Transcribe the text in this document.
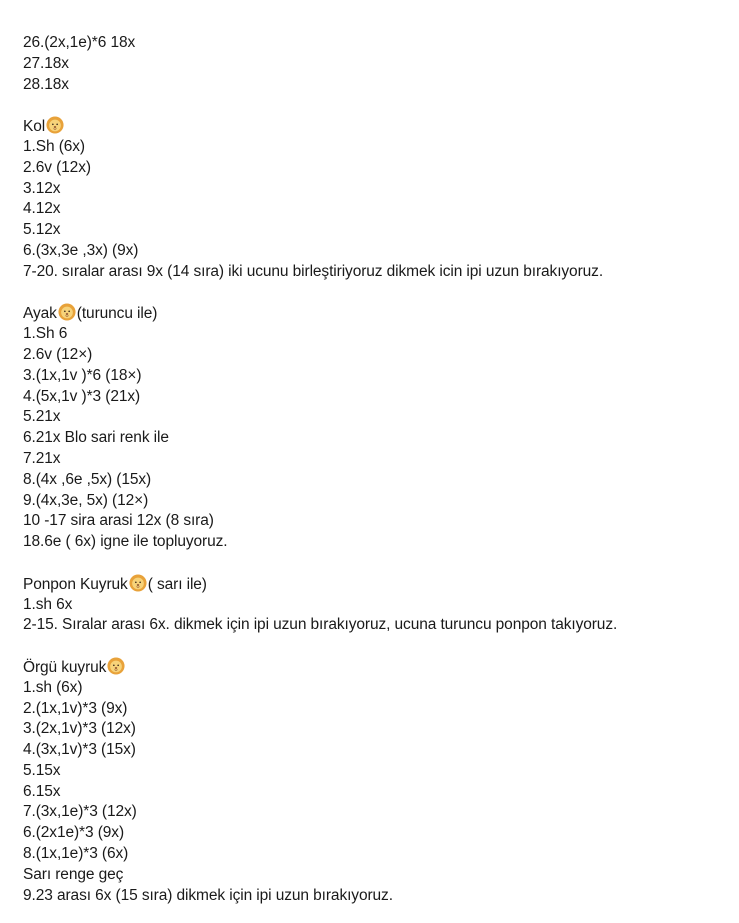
26.(2x,1e)*6 18x
27.18x
28.18x
Kol
1.Sh (6x)
2.6v (12x)
3.12x
4.12x
5.12x
6.(3x,3e ,3x) (9x)
7-20. sıralar arası 9x (14 sıra) iki ucunu birleştiriyoruz dikmek icin ipi uzun bırakıyoruz.
Ayak (turuncu ile)
1.Sh 6
2.6v (12×)
3.(1x,1v )*6 (18×)
4.(5x,1v )*3 (21x)
5.21x
6.21x Blo sari renk ile
7.21x
8.(4x ,6e ,5x) (15x)
9.(4x,3e, 5x) (12×)
10 -17 sira arasi 12x (8 sıra)
18.6e ( 6x) igne ile topluyoruz.
Ponpon Kuyruk ( sarı ile)
1.sh 6x
2-15. Sıralar arası 6x. dikmek için ipi uzun bırakıyoruz, ucuna turuncu ponpon takıyoruz.
Örgü kuyruk
1.sh (6x)
2.(1x,1v)*3 (9x)
3.(2x,1v)*3 (12x)
4.(3x,1v)*3 (15x)
5.15x
6.15x
7.(3x,1e)*3 (12x)
6.(2x1e)*3 (9x)
8.(1x,1e)*3 (6x)
Sarı renge geç
9.23 arası 6x (15 sıra) dikmek için ipi uzun bırakıyoruz.
